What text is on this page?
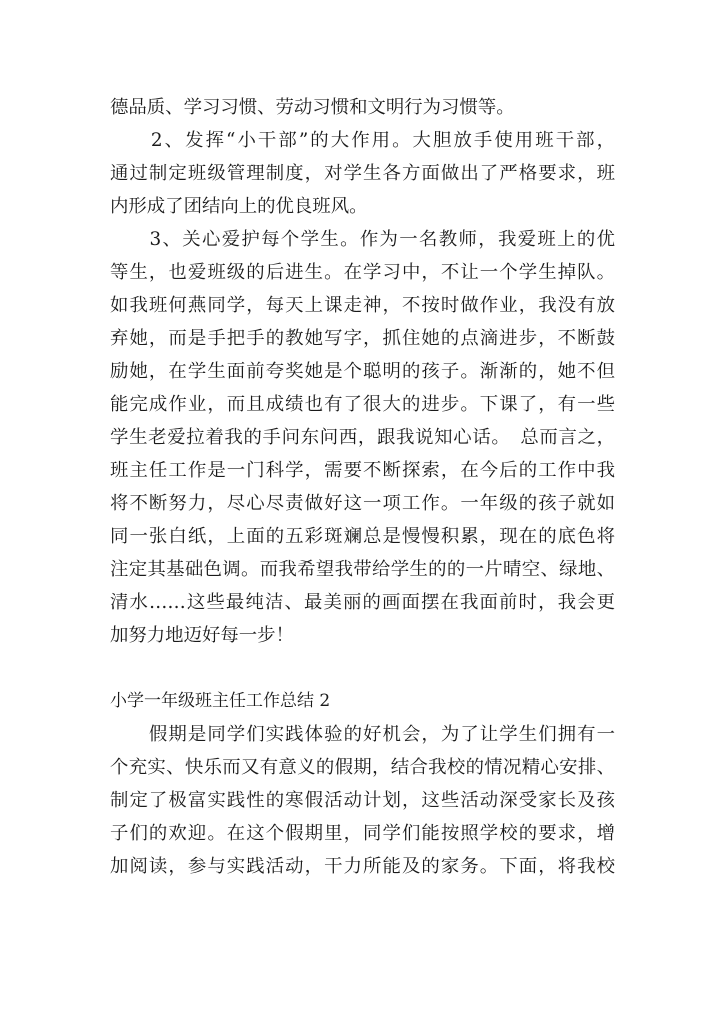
德品质、学习习惯、劳动习惯和文明行为习惯等。
　　2、发挥“小干部”的大作用。大胆放手使用班干部，
通过制定班级管理制度，对学生各方面做出了严格要求，班
内形成了团结向上的优良班风。
　　3、关心爱护每个学生。作为一名教师，我爱班上的优
等生，也爱班级的后进生。在学习中，不让一个学生掉队。
如我班何燕同学，每天上课走神，不按时做作业，我没有放
弃她，而是手把手的教她写字，抓住她的点滴进步，不断鼓
励她，在学生面前夸奖她是个聪明的孩子。渐渐的，她不但
能完成作业，而且成绩也有了很大的进步。下课了，有一些
学生老爱拉着我的手问东问西，跟我说知心话。　总而言之，
班主任工作是一门科学，需要不断探索，在今后的工作中我
将不断努力，尽心尽责做好这一项工作。一年级的孩子就如
同一张白纸，上面的五彩斑斓总是慢慢积累，现在的底色将
注定其基础色调。而我希望我带给学生的的一片晴空、绿地、
清水……这些最纯洁、最美丽的画面摆在我面前时，我会更
加努力地迈好每一步！
小学一年级班主任工作总结 2
　　假期是同学们实践体验的好机会，为了让学生们拥有一
个充实、快乐而又有意义的假期，结合我校的情况精心安排、
制定了极富实践性的寒假活动计划，这些活动深受家长及孩
子们的欢迎。在这个假期里，同学们能按照学校的要求，增
加阅读，参与实践活动，干力所能及的家务。下面，将我校
